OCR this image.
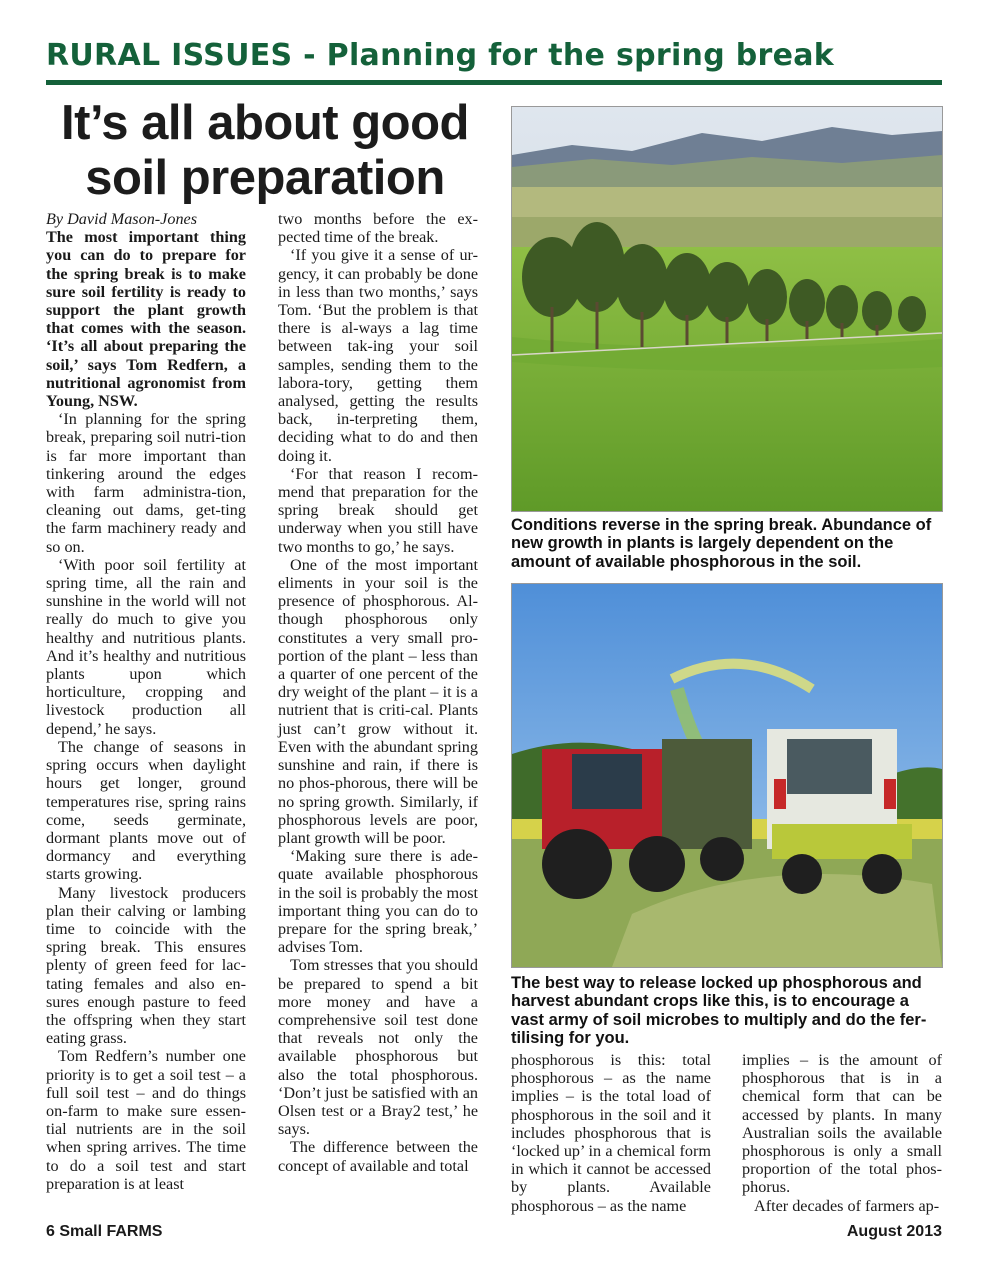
RURAL ISSUES - Planning for the spring break
It’s all about good soil preparation

By David Mason-Jones

The most important thing you can do to prepare for the spring break is to make sure soil fertility is ready to support the plant growth that comes with the season. ‘It’s all about preparing the soil,’ says Tom Redfern, a nutritional agronomist from Young, NSW.

‘In planning for the spring break, preparing soil nutri-tion is far more important than tinkering around the edges with farm administra-tion, cleaning out dams, get-ting the farm machinery ready and so on.

‘With poor soil fertility at spring time, all the rain and sunshine in the world will not really do much to give you healthy and nutritious plants. And it’s healthy and nutritious plants upon which horticulture, cropping and livestock production all depend,’ he says.

The change of seasons in spring occurs when daylight hours get longer, ground temperatures rise, spring rains come, seeds germinate, dormant plants move out of dormancy and everything starts growing.

Many livestock producers plan their calving or lambing time to coincide with the spring break. This ensures plenty of green feed for lac-tating females and also en-sures enough pasture to feed the offspring when they start eating grass.

Tom Redfern’s number one priority is to get a soil test – a full soil test – and do things on-farm to make sure essen-tial nutrients are in the soil when spring arrives. The time to do a soil test and start preparation is at least

two months before the ex-pected time of the break.

‘If you give it a sense of ur-gency, it can probably be done in less than two months,’ says Tom. ‘But the problem is that there is al-ways a lag time between tak-ing your soil samples, sending them to the labora-tory, getting them analysed, getting the results back, in-terpreting them, deciding what to do and then doing it.

‘For that reason I recom-mend that preparation for the spring break should get underway when you still have two months to go,’ he says.

One of the most important eliments in your soil is the presence of phosphorous. Al-though phosphorous only constitutes a very small pro-portion of the plant – less than a quarter of one percent of the dry weight of the plant – it is a nutrient that is criti-cal. Plants just can’t grow without it. Even with the abundant spring sunshine and rain, if there is no phos-phorous, there will be no spring growth. Similarly, if phosphorous levels are poor, plant growth will be poor.

‘Making sure there is ade-quate available phosphorous in the soil is probably the most important thing you can do to prepare for the spring break,’ advises Tom.

Tom stresses that you should be prepared to spend a bit more money and have a comprehensive soil test done that reveals not only the available phosphorous but also the total phosphorous. ‘Don’t just be satisfied with an Olsen test or a Bray2 test,’ he says.

The difference between the concept of available and total

Conditions reverse in the spring break. Abundance of new growth in plants is largely dependent on the amount of available phosphorous in the soil.
The best way to release locked up phosphorous and harvest abundant crops like this, is to encourage a vast army of soil microbes to multiply and do the fer-tilising for you.

phosphorous is this: total phosphorous – as the name implies – is the total load of phosphorous in the soil and it includes phosphorous that is ‘locked up’ in a chemical form in which it cannot be accessed by plants. Available phosphorous – as the name

implies – is the amount of phosphorous that is in a chemical form that can be accessed by plants. In many Australian soils the available phosphorous is only a small proportion of the total phos-phorus.

After decades of farmers ap-

6 Small FARMS	August 2013
